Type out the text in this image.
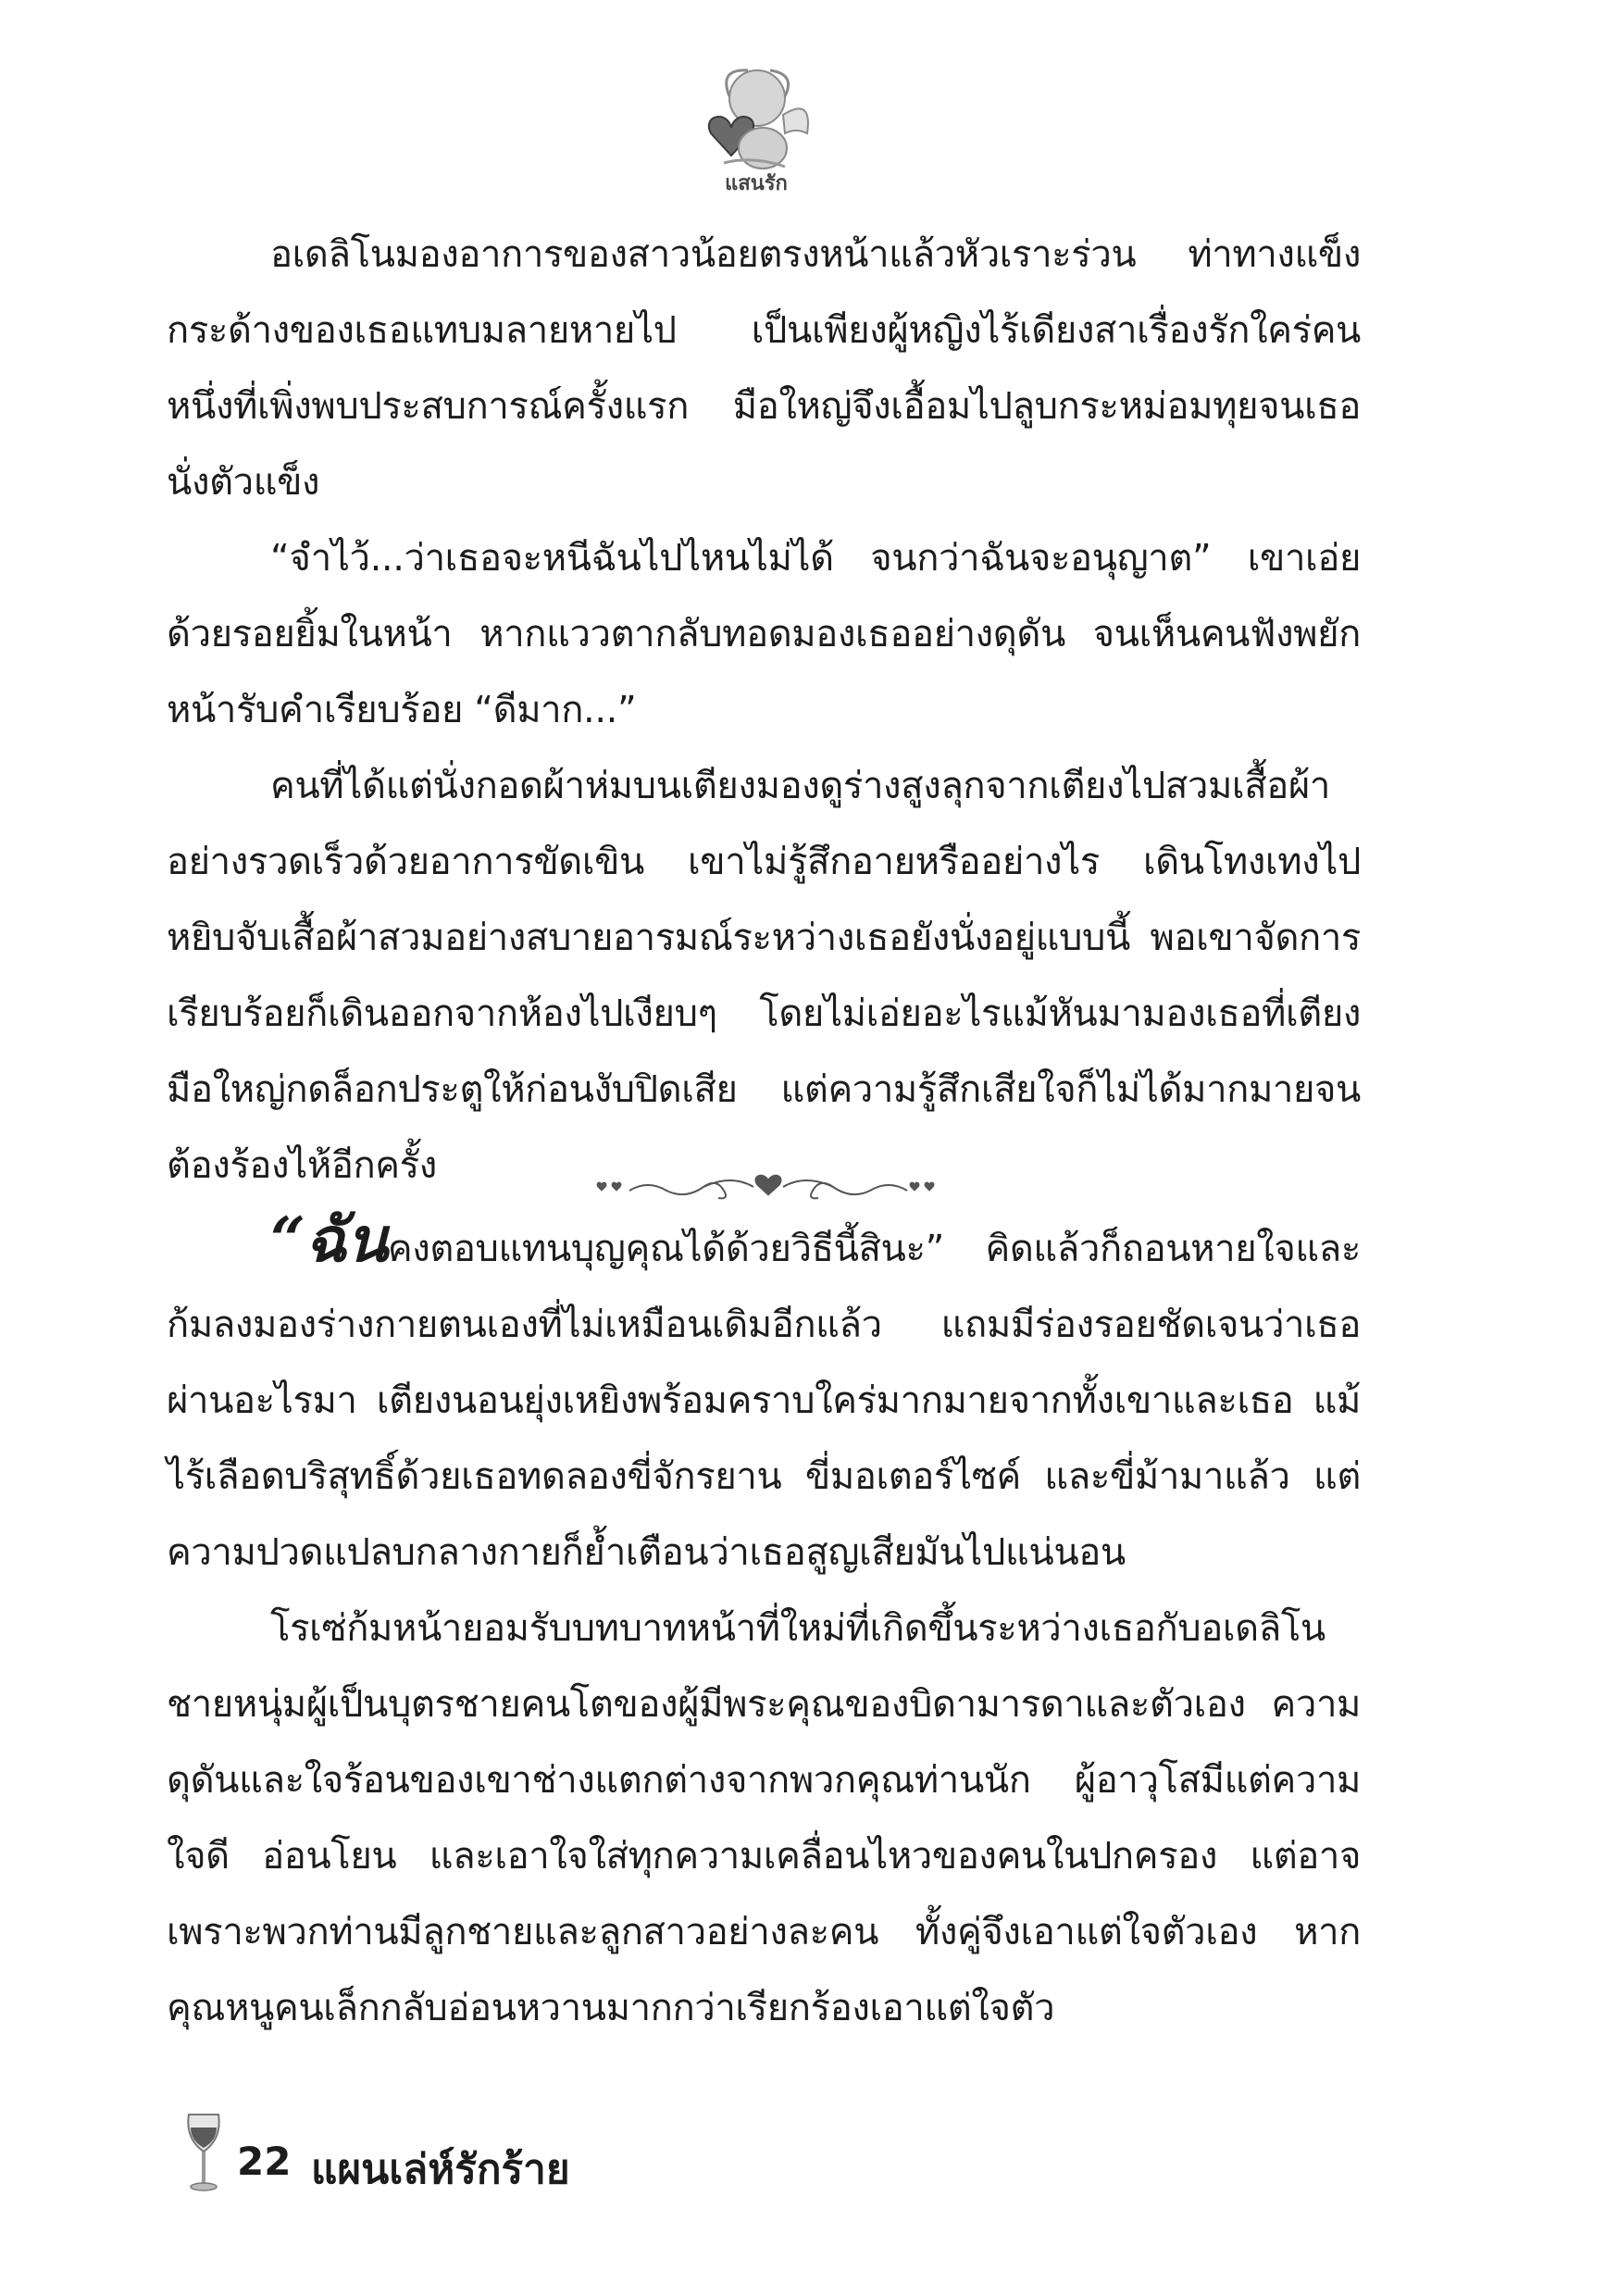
แสนรัก

อเดลิโนมองอาการของสาวน้อยตรงหน้าแล้วหัวเราะร่วน ท่าทางแข็งกระด้างของเธอแทบมลายหายไป เป็นเพียงผู้หญิงไร้เดียงสาเรื่องรักใคร่คนหนึ่งที่เพิ่งพบประสบการณ์ครั้งแรก มือใหญ่จึงเอื้อมไปลูบกระหม่อมทุยจนเธอนั่งตัวแข็ง

“จำไว้...ว่าเธอจะหนีฉันไปไหนไม่ได้ จนกว่าฉันจะอนุญาต” เขาเอ่ยด้วยรอยยิ้มในหน้า หากแววตากลับทอดมองเธออย่างดุดัน จนเห็นคนฟังพยักหน้ารับคำเรียบร้อย “ดีมาก...”

คนที่ได้แต่นั่งกอดผ้าห่มบนเตียงมองดูร่างสูงลุกจากเตียงไปสวมเสื้อผ้าอย่างรวดเร็วด้วยอาการขัดเขิน เขาไม่รู้สึกอายหรืออย่างไร เดินโทงเทงไปหยิบจับเสื้อผ้าสวมอย่างสบายอารมณ์ระหว่างเธอยังนั่งอยู่แบบนี้ พอเขาจัดการเรียบร้อยก็เดินออกจากห้องไปเงียบๆ โดยไม่เอ่ยอะไรแม้หันมามองเธอที่เตียง มือใหญ่กดล็อกประตูให้ก่อนงับปิดเสีย แต่ความรู้สึกเสียใจก็ไม่ได้มากมายจนต้องร้องไห้อีกครั้ง

“ฉันคงตอบแทนบุญคุณได้ด้วยวิธีนี้สินะ” คิดแล้วก็ถอนหายใจและก้มลงมองร่างกายตนเองที่ไม่เหมือนเดิมอีกแล้ว แถมมีร่องรอยชัดเจนว่าเธอผ่านอะไรมา เตียงนอนยุ่งเหยิงพร้อมคราบใคร่มากมายจากทั้งเขาและเธอ แม้ไร้เลือดบริสุทธิ์ด้วยเธอทดลองขี่จักรยาน ขี่มอเตอร์ไซค์ และขี่ม้ามาแล้ว แต่ความปวดแปลบกลางกายก็ย้ำเตือนว่าเธอสูญเสียมันไปแน่นอน

โรเซ่ก้มหน้ายอมรับบทบาทหน้าที่ใหม่ที่เกิดขึ้นระหว่างเธอกับอเดลิโน ชายหนุ่มผู้เป็นบุตรชายคนโตของผู้มีพระคุณของบิดามารดาและตัวเอง ความดุดันและใจร้อนของเขาช่างแตกต่างจากพวกคุณท่านนัก ผู้อาวุโสมีแต่ความใจดี อ่อนโยน และเอาใจใส่ทุกความเคลื่อนไหวของคนในปกครอง แต่อาจเพราะพวกท่านมีลูกชายและลูกสาวอย่างละคน ทั้งคู่จึงเอาแต่ใจตัวเอง หากคุณหนูคนเล็กกลับอ่อนหวานมากกว่าเรียกร้องเอาแต่ใจตัว

22 แผนเล่ห์รักร้าย
